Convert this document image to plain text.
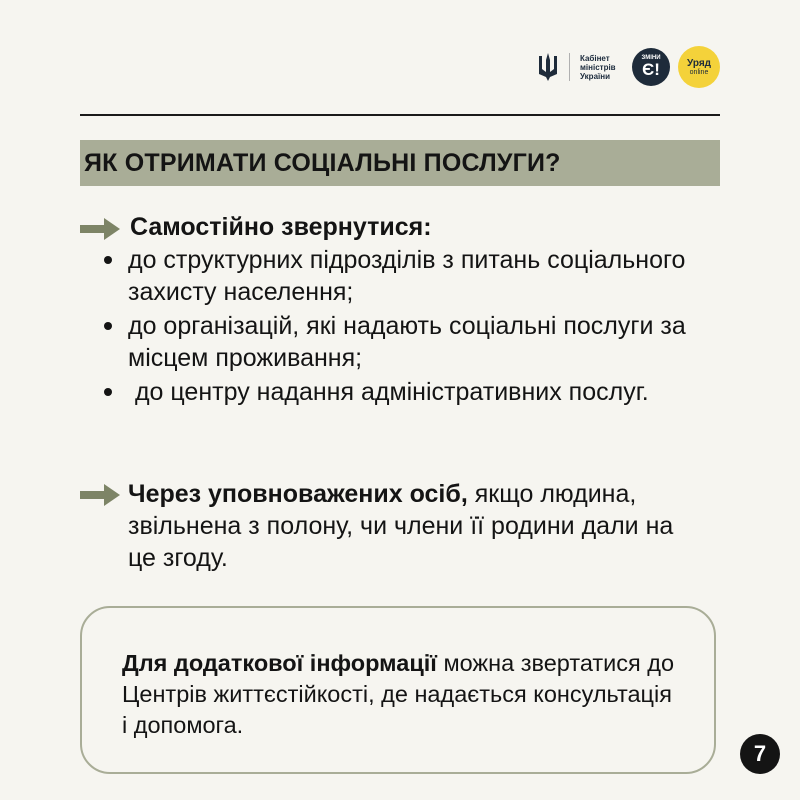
Кабінет
міністрів
України
ЗМІНИ
Є!	Уряд
online
ЯК ОТРИМАТИ СОЦІАЛЬНІ ПОСЛУГИ?
Самостійно звернутися:
до структурних підрозділів з питань соціального захисту населення;
до організацій, які надають соціальні послуги за місцем проживання;
до центру надання адміністративних послуг.
Через уповноважених осіб, якщо людина, звільнена з полону, чи члени її родини дали на це згоду.
Для додаткової інформації можна звертатися до Центрів життєстійкості, де надається консультація і допомога.
7
